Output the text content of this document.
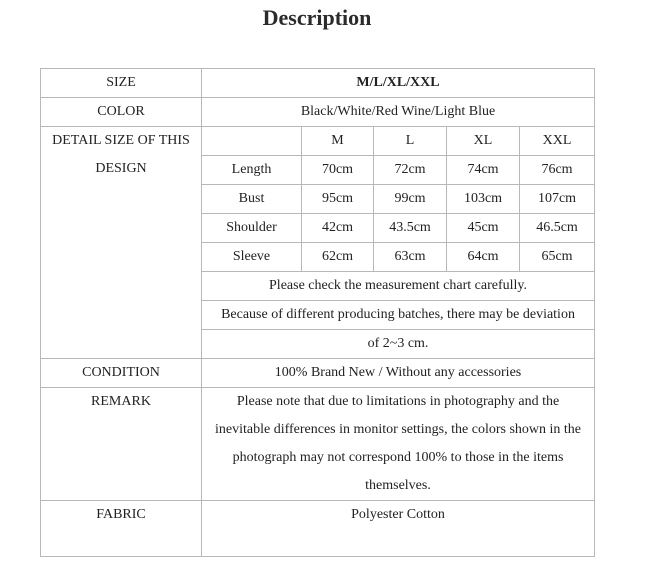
Description
SIZE	M/L/XL/XXL				
COLOR	Black/White/Red Wine/Light Blue				

DETAIL SIZE OF THIS
DESIGN		M	L	XL	XXL
	Length	70cm	72cm	74cm	76cm
	Bust	95cm	99cm	103cm	107cm
	Shoulder	42cm	43.5cm	45cm	46.5cm
	Sleeve	62cm	63cm	64cm	65cm

	Please check the measurement chart carefully.				

	Because of different producing batches, there may be deviation				

	of 2~3 cm.				

CONDITION	100% Brand New / Without any accessories				
REMARK	Please note that due to limitations in photography and the
inevitable differences in monitor settings, the colors shown in the
photograph may not correspond 100% to those in the items
themselves.				

FABRIC	Polyester Cotton				
